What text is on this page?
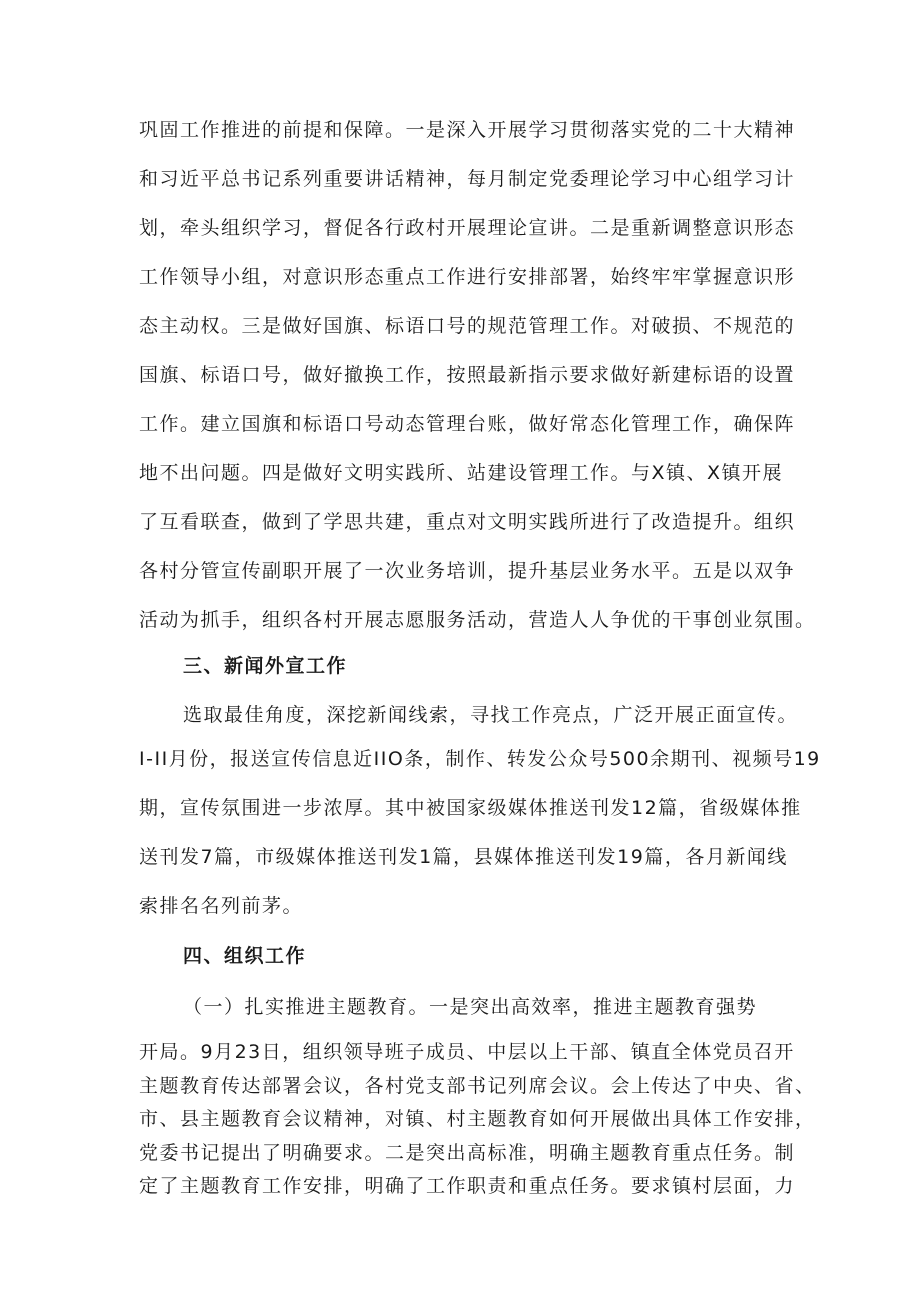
巩固工作推进的前提和保障。一是深入开展学习贯彻落实党的二十大精神
和习近平总书记系列重要讲话精神，每月制定党委理论学习中心组学习计
划，牵头组织学习，督促各行政村开展理论宣讲。二是重新调整意识形态
工作领导小组，对意识形态重点工作进行安排部署，始终牢牢掌握意识形
态主动权。三是做好国旗、标语口号的规范管理工作。对破损、不规范的
国旗、标语口号，做好撤换工作，按照最新指示要求做好新建标语的设置
工作。建立国旗和标语口号动态管理台账，做好常态化管理工作，确保阵
地不出问题。四是做好文明实践所、站建设管理工作。与X镇、X镇开展
了互看联查，做到了学思共建，重点对文明实践所进行了改造提升。组织
各村分管宣传副职开展了一次业务培训，提升基层业务水平。五是以双争
活动为抓手，组织各村开展志愿服务活动，营造人人争优的干事创业氛围。
三、新闻外宣工作
选取最佳角度，深挖新闻线索，寻找工作亮点，广泛开展正面宣传。
I-II月份，报送宣传信息近IIO条，制作、转发公众号500余期刊、视频号19
期，宣传氛围进一步浓厚。其中被国家级媒体推送刊发12篇，省级媒体推
送刊发7篇，市级媒体推送刊发1篇，县媒体推送刊发19篇，各月新闻线
索排名名列前茅。
四、组织工作
（一）扎实推进主题教育。一是突出高效率，推进主题教育强势
开局。9月23日，组织领导班子成员、中层以上干部、镇直全体党员召开
主题教育传达部署会议，各村党支部书记列席会议。会上传达了中央、省、
市、县主题教育会议精神，对镇、村主题教育如何开展做出具体工作安排，
党委书记提出了明确要求。二是突出高标准，明确主题教育重点任务。制
定了主题教育工作安排，明确了工作职责和重点任务。要求镇村层面，力
